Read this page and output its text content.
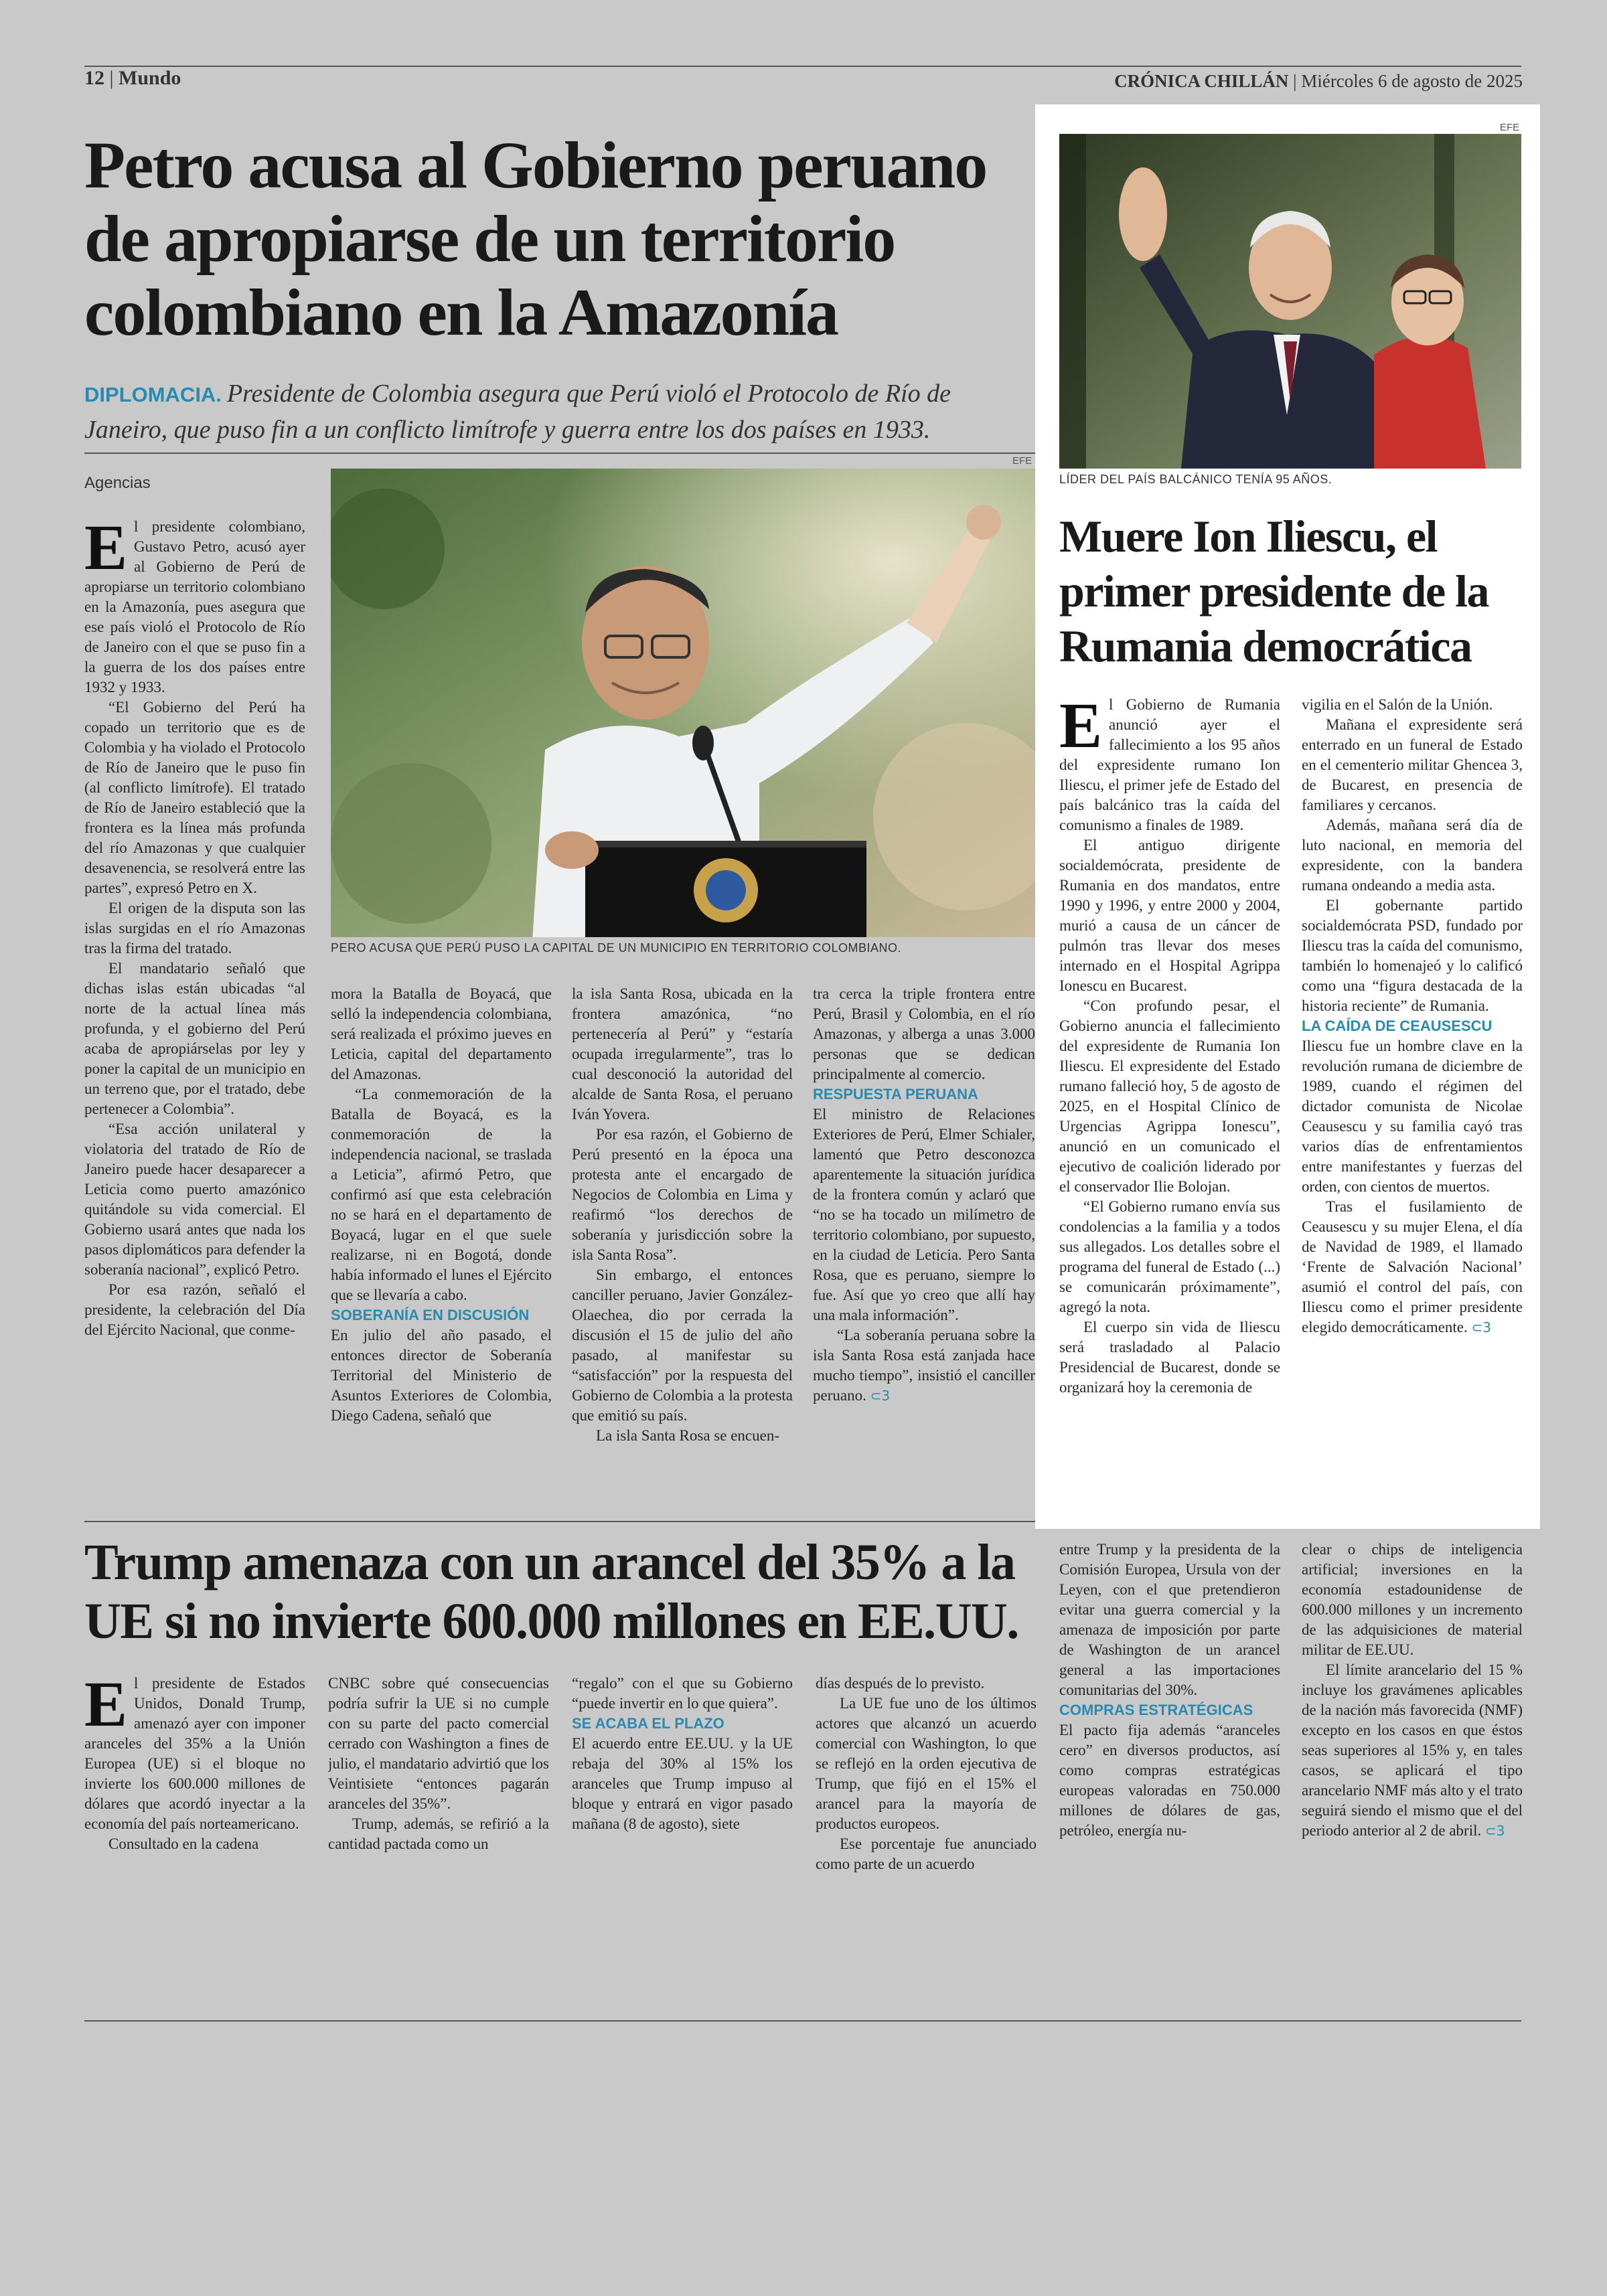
12 | Mundo	CRÓNICA CHILLÁN | Miércoles 6 de agosto de 2025
Petro acusa al Gobierno peruano
de apropiarse de un territorio
colombiano en la Amazonía
DIPLOMACIA. Presidente de Colombia asegura que Perú violó el Protocolo de Río de Janeiro, que puso fin a un conflicto limítrofe y guerra entre los dos países en 1933.
Agencias
EFE
PERO ACUSA QUE PERÚ PUSO LA CAPITAL DE UN MUNICIPIO EN TERRITORIO COLOMBIANO.

El presidente colombiano, Gustavo Petro, acusó ayer al Gobierno de Perú de apropiarse un territorio colombiano en la Amazonía, pues asegura que ese país violó el Protocolo de Río de Janeiro con el que se puso fin a la guerra de los dos países entre 1932 y 1933.

“El Gobierno del Perú ha copado un territorio que es de Colombia y ha violado el Protocolo de Río de Janeiro que le puso fin (al conflicto limítrofe). El tratado de Río de Janeiro estableció que la frontera es la línea más profunda del río Amazonas y que cualquier desavenencia, se resolverá entre las partes”, expresó Petro en X.

El origen de la disputa son las islas surgidas en el río Amazonas tras la firma del tratado.

El mandatario señaló que dichas islas están ubicadas “al norte de la actual línea más profunda, y el gobierno del Perú acaba de apropiárselas por ley y poner la capital de un municipio en un terreno que, por el tratado, debe pertenecer a Colombia”.

“Esa acción unilateral y violatoria del tratado de Río de Janeiro puede hacer desaparecer a Leticia como puerto amazónico quitándole su vida comercial. El Gobierno usará antes que nada los pasos diplomáticos para defender la soberanía nacional”, explicó Petro.

Por esa razón, señaló el presidente, la celebración del Día del Ejército Nacional, que conme-

mora la Batalla de Boyacá, que selló la independencia colombiana, será realizada el próximo jueves en Leticia, capital del departamento del Amazonas.

“La conmemoración de la Batalla de Boyacá, es la conmemoración de la independencia nacional, se traslada a Leticia”, afirmó Petro, que confirmó así que esta celebración no se hará en el departamento de Boyacá, lugar en el que suele realizarse, ni en Bogotá, donde había informado el lunes el Ejército que se llevaría a cabo.

SOBERANÍA EN DISCUSIÓN

En julio del año pasado, el entonces director de Soberanía Territorial del Ministerio de Asuntos Exteriores de Colombia, Diego Cadena, señaló que

la isla Santa Rosa, ubicada en la frontera amazónica, “no pertenecería al Perú” y “estaría ocupada irregularmente”, tras lo cual desconoció la autoridad del alcalde de Santa Rosa, el peruano Iván Yovera.

Por esa razón, el Gobierno de Perú presentó en la época una protesta ante el encargado de Negocios de Colombia en Lima y reafirmó “los derechos de soberanía y jurisdicción sobre la isla Santa Rosa”.

Sin embargo, el entonces canciller peruano, Javier González-Olaechea, dio por cerrada la discusión el 15 de julio del año pasado, al manifestar su “satisfacción” por la respuesta del Gobierno de Colombia a la protesta que emitió su país.

La isla Santa Rosa se encuen-

tra cerca la triple frontera entre Perú, Brasil y Colombia, en el río Amazonas, y alberga a unas 3.000 personas que se dedican principalmente al comercio.

RESPUESTA PERUANA

El ministro de Relaciones Exteriores de Perú, Elmer Schialer, lamentó que Petro desconozca aparentemente la situación jurídica de la frontera común y aclaró que “no se ha tocado un milímetro de territorio colombiano, por supuesto, en la ciudad de Leticia. Pero Santa Rosa, que es peruano, siempre lo fue. Así que yo creo que allí hay una mala información”.

“La soberanía peruana sobre la isla Santa Rosa está zanjada hace mucho tiempo”, insistió el canciller peruano. ⊂3

EFE
LÍDER DEL PAÍS BALCÁNICO TENÍA 95 AÑOS.
Muere Ion Iliescu, el
primer presidente de la
Rumania democrática

El Gobierno de Rumania anunció ayer el fallecimiento a los 95 años del expresidente rumano Ion Iliescu, el primer jefe de Estado del país balcánico tras la caída del comunismo a finales de 1989.

El antiguo dirigente socialdemócrata, presidente de Rumania en dos mandatos, entre 1990 y 1996, y entre 2000 y 2004, murió a causa de un cáncer de pulmón tras llevar dos meses internado en el Hospital Agrippa Ionescu en Bucarest.

“Con profundo pesar, el Gobierno anuncia el fallecimiento del expresidente de Rumania Ion Iliescu. El expresidente del Estado rumano falleció hoy, 5 de agosto de 2025, en el Hospital Clínico de Urgencias Agrippa Ionescu”, anunció en un comunicado el ejecutivo de coalición liderado por el conservador Ilie Bolojan.

“El Gobierno rumano envía sus condolencias a la familia y a todos sus allegados. Los detalles sobre el programa del funeral de Estado (...) se comunicarán próximamente”, agregó la nota.

El cuerpo sin vida de Iliescu será trasladado al Palacio Presidencial de Bucarest, donde se organizará hoy la ceremonia de

vigilia en el Salón de la Unión.

Mañana el expresidente será enterrado en un funeral de Estado en el cementerio militar Ghencea 3, de Bucarest, en presencia de familiares y cercanos.

Además, mañana será día de luto nacional, en memoria del expresidente, con la bandera rumana ondeando a media asta.

El gobernante partido socialdemócrata PSD, fundado por Iliescu tras la caída del comunismo, también lo homenajeó y lo calificó como una “figura destacada de la historia reciente” de Rumania.

LA CAÍDA DE CEAUSESCU

Iliescu fue un hombre clave en la revolución rumana de diciembre de 1989, cuando el régimen del dictador comunista de Nicolae Ceausescu y su familia cayó tras varios días de enfrentamientos entre manifestantes y fuerzas del orden, con cientos de muertos.

Tras el fusilamiento de Ceausescu y su mujer Elena, el día de Navidad de 1989, el llamado ‘Frente de Salvación Nacional’ asumió el control del país, con Iliescu como el primer presidente elegido democráticamente. ⊂3

Trump amenaza con un arancel del 35% a la
UE si no invierte 600.000 millones en EE.UU.

El presidente de Estados Unidos, Donald Trump, amenazó ayer con imponer aranceles del 35% a la Unión Europea (UE) si el bloque no invierte los 600.000 millones de dólares que acordó inyectar a la economía del país norteamericano.

Consultado en la cadena

CNBC sobre qué consecuencias podría sufrir la UE si no cumple con su parte del pacto comercial cerrado con Washington a fines de julio, el mandatario advirtió que los Veintisiete “entonces pagarán aranceles del 35%”.

Trump, además, se refirió a la cantidad pactada como un

“regalo” con el que su Gobierno “puede invertir en lo que quiera”.

SE ACABA EL PLAZO

El acuerdo entre EE.UU. y la UE rebaja del 30% al 15% los aranceles que Trump impuso al bloque y entrará en vigor pasado mañana (8 de agosto), siete

días después de lo previsto.

La UE fue uno de los últimos actores que alcanzó un acuerdo comercial con Washington, lo que se reflejó en la orden ejecutiva de Trump, que fijó en el 15% el arancel para la mayoría de productos europeos.

Ese porcentaje fue anunciado como parte de un acuerdo

entre Trump y la presidenta de la Comisión Europea, Ursula von der Leyen, con el que pretendieron evitar una guerra comercial y la amenaza de imposición por parte de Washington de un arancel general a las importaciones comunitarias del 30%.

COMPRAS ESTRATÉGICAS

El pacto fija además “aranceles cero” en diversos productos, así como compras estratégicas europeas valoradas en 750.000 millones de dólares de gas, petróleo, energía nu-

clear o chips de inteligencia artificial; inversiones en la economía estadounidense de 600.000 millones y un incremento de las adquisiciones de material militar de EE.UU.

El límite arancelario del 15 % incluye los gravámenes aplicables de la nación más favorecida (NMF) excepto en los casos en que éstos seas superiores al 15% y, en tales casos, se aplicará el tipo arancelario NMF más alto y el trato seguirá siendo el mismo que el del periodo anterior al 2 de abril. ⊂3
